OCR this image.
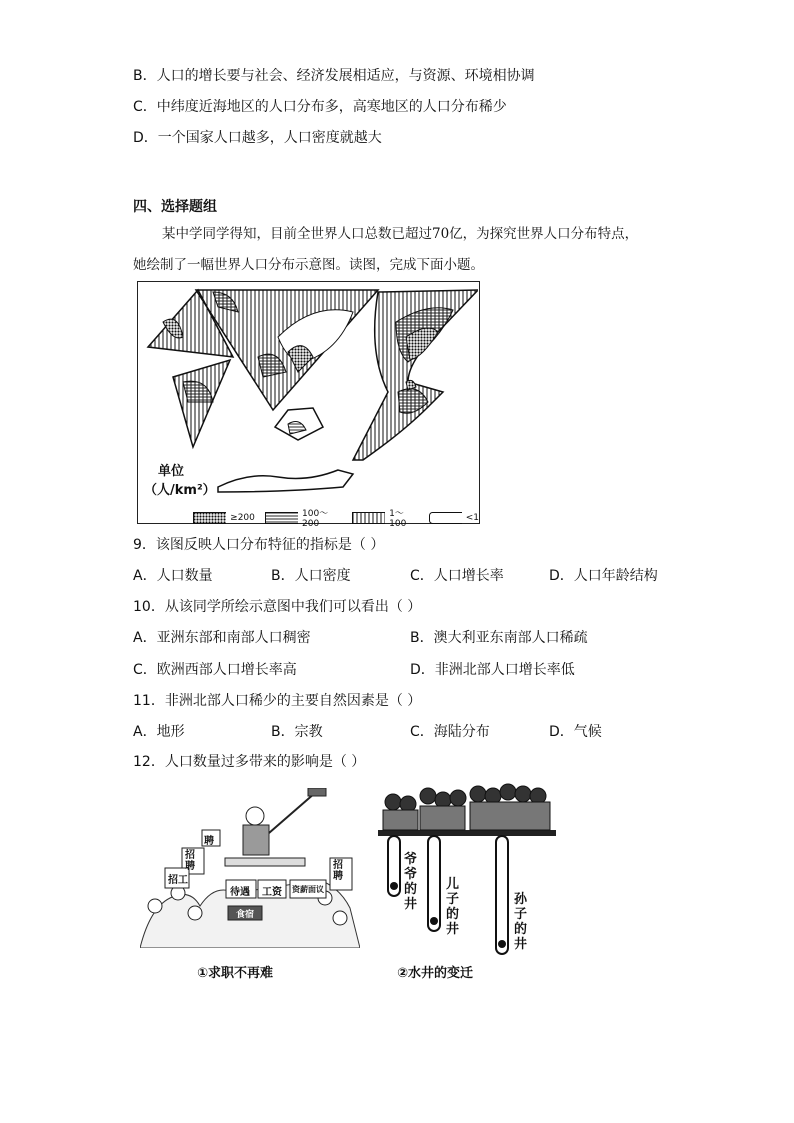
B．人口的增长要与社会、经济发展相适应，与资源、环境相协调
C．中纬度近海地区的人口分布多，高寒地区的人口分布稀少
D．一个国家人口越多，人口密度就越大
四、选择题组
某中学同学得知，目前全世界人口总数已超过70亿，为探究世界人口分布特点，
她绘制了一幅世界人口分布示意图。读图，完成下面小题。
单位
（人/km²）
≥200	100～200
1～100
<1
9．该图反映人口分布特征的指标是（ ）
A．人口数量	B．人口密度	C．人口增长率	D．人口年龄结构
10．从该同学所绘示意图中我们可以看出（ ）
A．亚洲东部和南部人口稠密	B．澳大利亚东南部人口稀疏
C．欧洲西部人口增长率高	D．非洲北部人口增长率低
11．非洲北部人口稀少的主要自然因素是（ ）
A．地形	B．宗教	C．海陆分布	D．气候
12．人口数量过多带来的影响是（ ）
聘
招聘
招工
待遇 工资
招聘
资薪面议
食宿
①求职不再难
爷爷的井
儿子的井
孙子的井
②水井的变迁
